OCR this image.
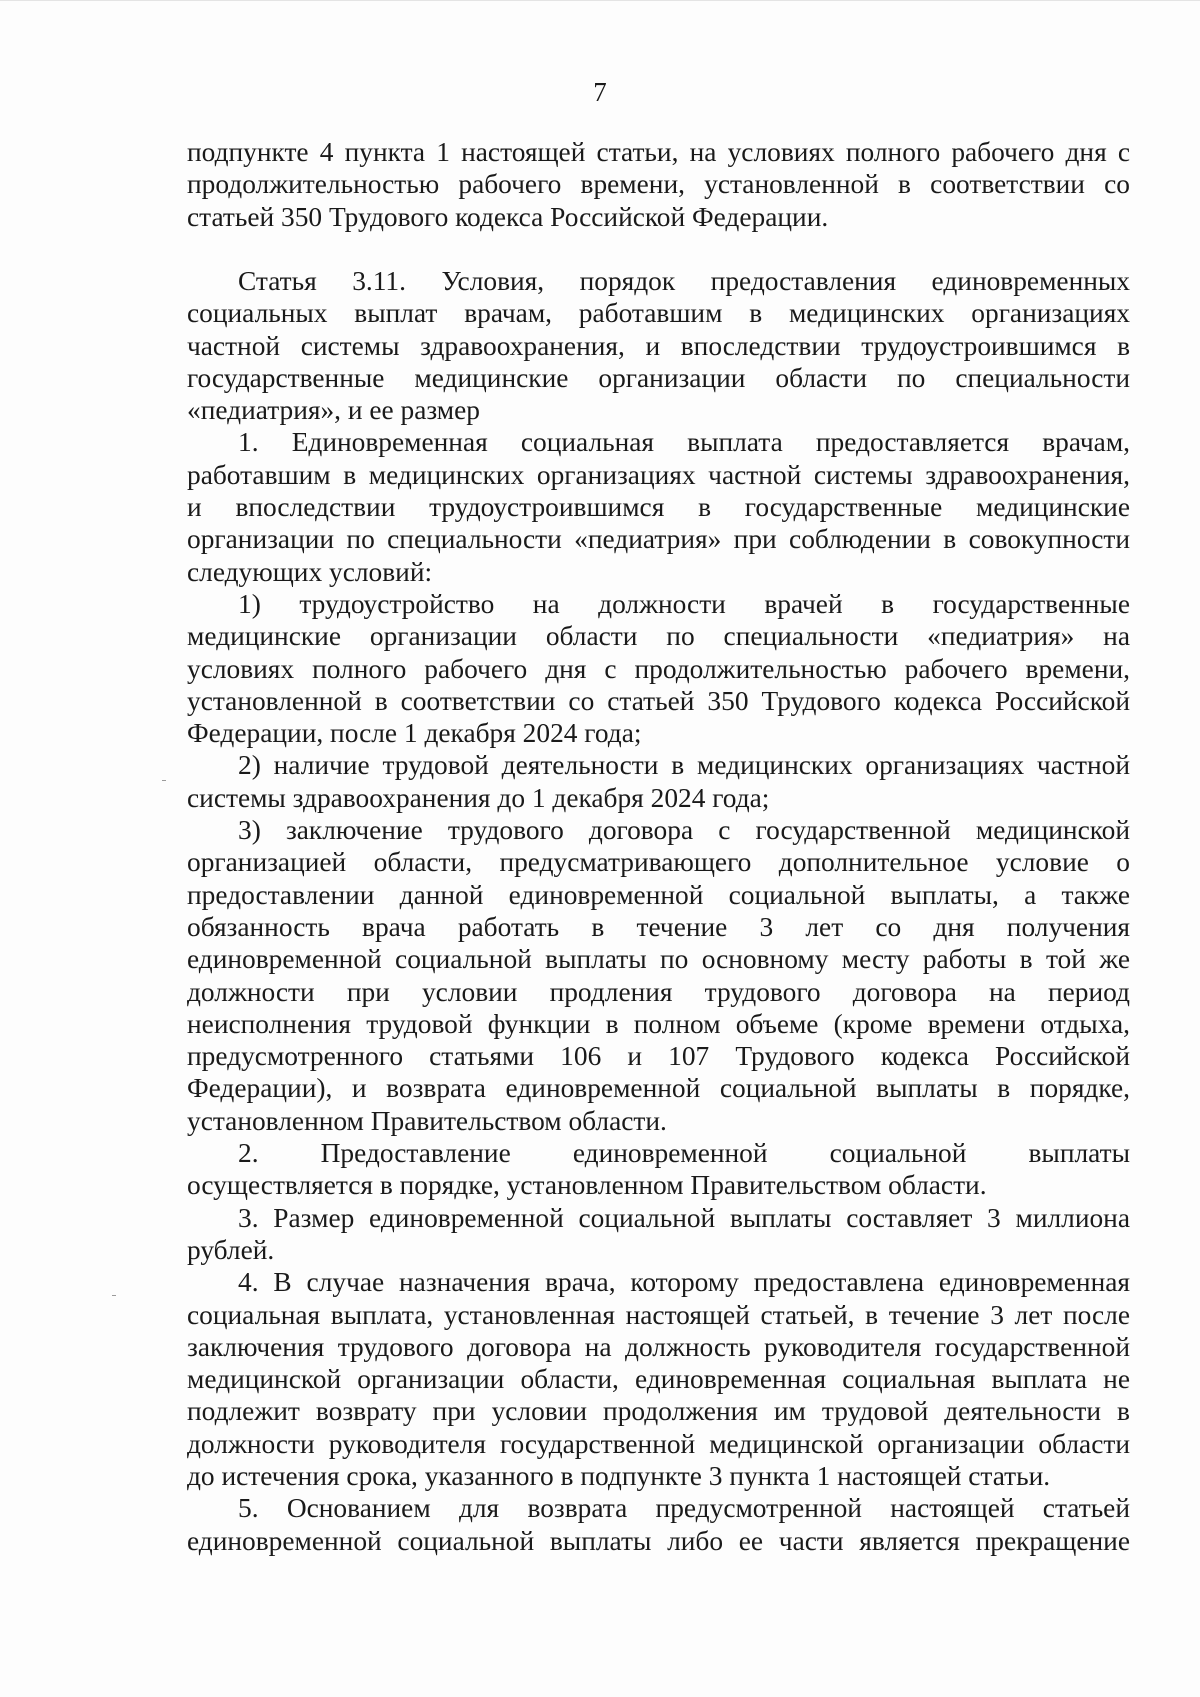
7
подпункте 4 пункта 1 настоящей статьи, на условиях полного рабочего дня с
продолжительностью рабочего времени, установленной в соответствии со
статьей 350 Трудового кодекса Российской Федерации.
Статья 3.11. Условия, порядок предоставления единовременных
социальных выплат врачам, работавшим в медицинских организациях
частной системы здравоохранения, и впоследствии трудоустроившимся в
государственные медицинские организации области по специальности
«педиатрия», и ее размер
1. Единовременная социальная выплата предоставляется врачам,
работавшим в медицинских организациях частной системы здравоохранения,
и впоследствии трудоустроившимся в государственные медицинские
организации по специальности «педиатрия» при соблюдении в совокупности
следующих условий:
1) трудоустройство на должности врачей в государственные
медицинские организации области по специальности «педиатрия» на
условиях полного рабочего дня с продолжительностью рабочего времени,
установленной в соответствии со статьей 350 Трудового кодекса Российской
Федерации, после 1 декабря 2024 года;
2) наличие трудовой деятельности в медицинских организациях частной
системы здравоохранения до 1 декабря 2024 года;
3) заключение трудового договора с государственной медицинской
организацией области, предусматривающего дополнительное условие о
предоставлении данной единовременной социальной выплаты, а также
обязанность врача работать в течение 3 лет со дня получения
единовременной социальной выплаты по основному месту работы в той же
должности при условии продления трудового договора на период
неисполнения трудовой функции в полном объеме (кроме времени отдыха,
предусмотренного статьями 106 и 107 Трудового кодекса Российской
Федерации), и возврата единовременной социальной выплаты в порядке,
установленном Правительством области.
2. Предоставление единовременной социальной выплаты
осуществляется в порядке, установленном Правительством области.
3. Размер единовременной социальной выплаты составляет 3 миллиона
рублей.
4. В случае назначения врача, которому предоставлена единовременная
социальная выплата, установленная настоящей статьей, в течение 3 лет после
заключения трудового договора на должность руководителя государственной
медицинской организации области, единовременная социальная выплата не
подлежит возврату при условии продолжения им трудовой деятельности в
должности руководителя государственной медицинской организации области
до истечения срока, указанного в подпункте 3 пункта 1 настоящей статьи.
5. Основанием для возврата предусмотренной настоящей статьей
единовременной социальной выплаты либо ее части является прекращение
